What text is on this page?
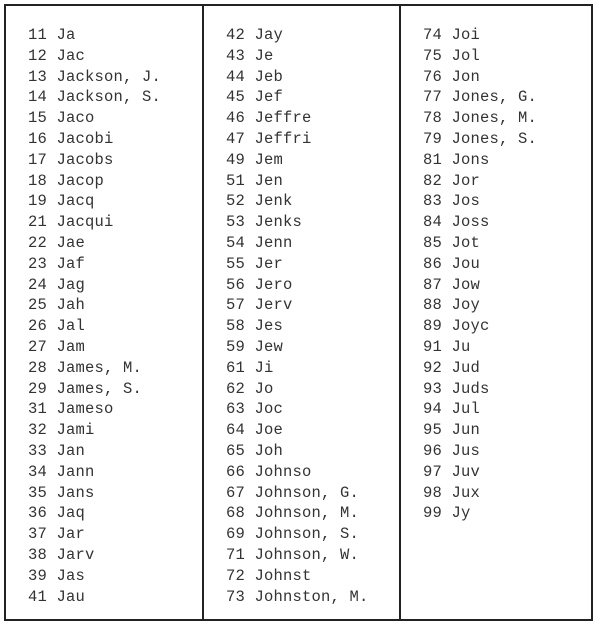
11 Ja
12 Jac
13 Jackson, J.
14 Jackson, S.
15 Jaco
16 Jacobi
17 Jacobs
18 Jacop
19 Jacq
21 Jacqui
22 Jae
23 Jaf
24 Jag
25 Jah
26 Jal
27 Jam
28 James, M.
29 James, S.
31 Jameso
32 Jami
33 Jan
34 Jann
35 Jans
36 Jaq
37 Jar
38 Jarv
39 Jas
41 Jau
42 Jay
43 Je
44 Jeb
45 Jef
46 Jeffre
47 Jeffri
49 Jem
51 Jen
52 Jenk
53 Jenks
54 Jenn
55 Jer
56 Jero
57 Jerv
58 Jes
59 Jew
61 Ji
62 Jo
63 Joc
64 Joe
65 Joh
66 Johnso
67 Johnson, G.
68 Johnson, M.
69 Johnson, S.
71 Johnson, W.
72 Johnst
73 Johnston, M.
74 Joi
75 Jol
76 Jon
77 Jones, G.
78 Jones, M.
79 Jones, S.
81 Jons
82 Jor
83 Jos
84 Joss
85 Jot
86 Jou
87 Jow
88 Joy
89 Joyc
91 Ju
92 Jud
93 Juds
94 Jul
95 Jun
96 Jus
97 Juv
98 Jux
99 Jy
